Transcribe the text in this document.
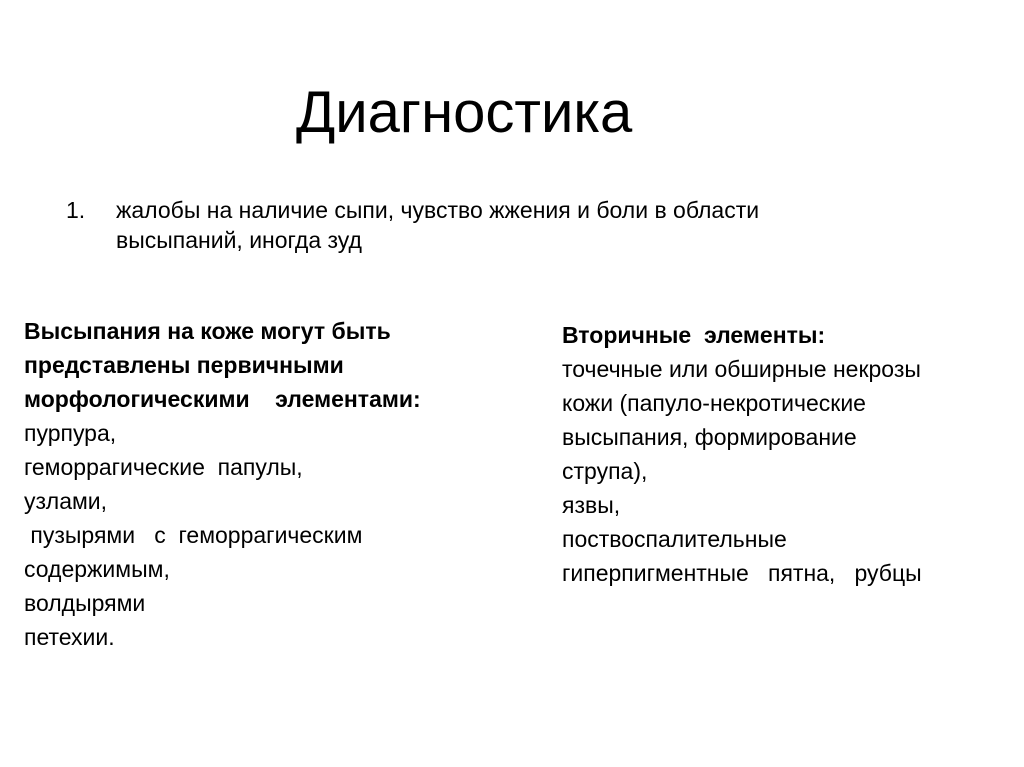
Диагностика
1. жалобы на наличие сыпи, чувство жжения и боли в области
высыпаний, иногда зуд
Высыпания на коже могут быть
представлены первичными
морфологическими    элементами:
пурпура,
геморрагические  папулы,
узлами,
пузырями   с  геморрагическим
содержимым,
волдырями
петехии.
Вторичные  элементы:
точечные или обширные некрозы
кожи (папуло-некротические
высыпания, формирование
струпа),
язвы,
поствоспалительные
гиперпигментные   пятна,   рубцы
